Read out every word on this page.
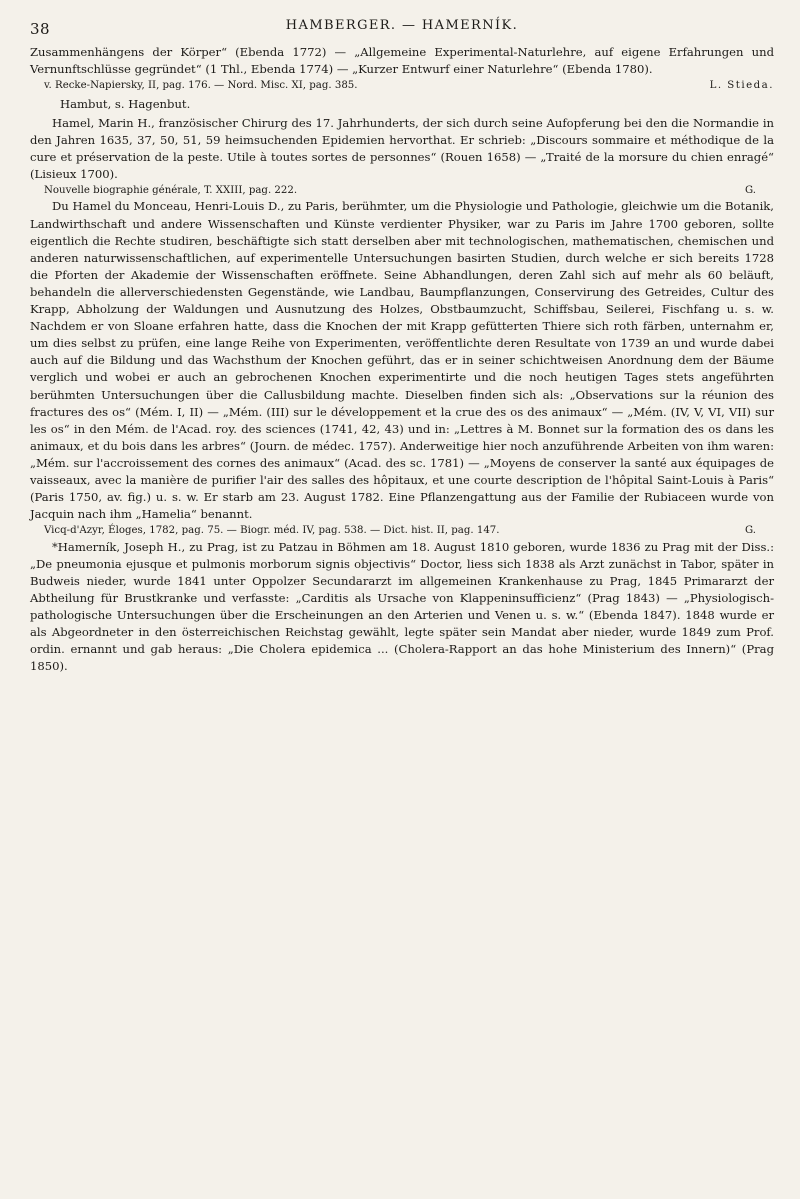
38	HAMBERGER. — HAMERNÍK.

Zusammenhängens der Körper“ (Ebenda 1772) — „Allgemeine Experimental-Naturlehre, auf eigene Erfahrungen und Vernunftschlüsse gegründet“ (1 Thl., Ebenda 1774) — „Kurzer Entwurf einer Naturlehre“ (Ebenda 1780).

v. Recke-Napiersky, II, pag. 176. — Nord. Misc. XI, pag. 385.	L. Stieda.

Hambut, s. Hagenbut.

Hamel, Marin H., französischer Chirurg des 17. Jahrhunderts, der sich durch seine Aufopferung bei den die Normandie in den Jahren 1635, 37, 50, 51, 59 heimsuchenden Epidemien hervorthat. Er schrieb: „Discours sommaire et méthodique de la cure et préservation de la peste. Utile à toutes sortes de personnes“ (Rouen 1658) — „Traité de la morsure du chien enragé“ (Lisieux 1700).

Nouvelle biographie générale, T. XXIII, pag. 222.	G.

Du Hamel du Monceau, Henri-Louis D., zu Paris, berühmter, um die Physiologie und Pathologie, gleichwie um die Botanik, Landwirthschaft und andere Wissenschaften und Künste verdienter Physiker, war zu Paris im Jahre 1700 geboren, sollte eigentlich die Rechte studiren, beschäftigte sich statt derselben aber mit technologischen, mathematischen, chemischen und anderen naturwissenschaftlichen, auf experimentelle Untersuchungen basirten Studien, durch welche er sich bereits 1728 die Pforten der Akademie der Wissenschaften eröffnete. Seine Abhandlungen, deren Zahl sich auf mehr als 60 beläuft, behandeln die allerverschiedensten Gegenstände, wie Landbau, Baumpflanzungen, Conservirung des Getreides, Cultur des Krapp, Abholzung der Waldungen und Ausnutzung des Holzes, Obstbaumzucht, Schiffsbau, Seilerei, Fischfang u. s. w. Nachdem er von Sloane erfahren hatte, dass die Knochen der mit Krapp gefütterten Thiere sich roth färben, unternahm er, um dies selbst zu prüfen, eine lange Reihe von Experimenten, veröffentlichte deren Resultate von 1739 an und wurde dabei auch auf die Bildung und das Wachsthum der Knochen geführt, das er in seiner schichtweisen Anordnung dem der Bäume verglich und wobei er auch an gebrochenen Knochen experimentirte und die noch heutigen Tages stets angeführten berühmten Untersuchungen über die Callusbildung machte. Dieselben finden sich als: „Observations sur la réunion des fractures des os“ (Mém. I, II) — „Mém. (III) sur le développement et la crue des os des animaux“ — „Mém. (IV, V, VI, VII) sur les os“ in den Mém. de l'Acad. roy. des sciences (1741, 42, 43) und in: „Lettres à M. Bonnet sur la formation des os dans les animaux, et du bois dans les arbres“ (Journ. de médec. 1757). Anderweitige hier noch anzuführende Arbeiten von ihm waren: „Mém. sur l'accroissement des cornes des animaux“ (Acad. des sc. 1781) — „Moyens de conserver la santé aux équipages de vaisseaux, avec la manière de purifier l'air des salles des hôpitaux, et une courte description de l'hôpital Saint-Louis à Paris“ (Paris 1750, av. fig.) u. s. w. Er starb am 23. August 1782. Eine Pflanzengattung aus der Familie der Rubiaceen wurde von Jacquin nach ihm „Hamelia“ benannt.

Vicq-d'Azyr, Éloges, 1782, pag. 75. — Biogr. méd. IV, pag. 538. — Dict. hist. II, pag. 147.	G.

*Hamerník, Joseph H., zu Prag, ist zu Patzau in Böhmen am 18. August 1810 geboren, wurde 1836 zu Prag mit der Diss.: „De pneumonia ejusque et pulmonis morborum signis objectivis“ Doctor, liess sich 1838 als Arzt zunächst in Tabor, später in Budweis nieder, wurde 1841 unter Oppolzer Secundararzt im allgemeinen Krankenhause zu Prag, 1845 Primararzt der Abtheilung für Brustkranke und verfasste: „Carditis als Ursache von Klappeninsufficienz“ (Prag 1843) — „Physiologisch-pathologische Untersuchungen über die Erscheinungen an den Arterien und Venen u. s. w.“ (Ebenda 1847). 1848 wurde er als Abgeordneter in den österreichischen Reichstag gewählt, legte später sein Mandat aber nieder, wurde 1849 zum Prof. ordin. ernannt und gab heraus: „Die Cholera epidemica ... (Cholera-Rapport an das hohe Ministerium des Innern)“ (Prag 1850).
